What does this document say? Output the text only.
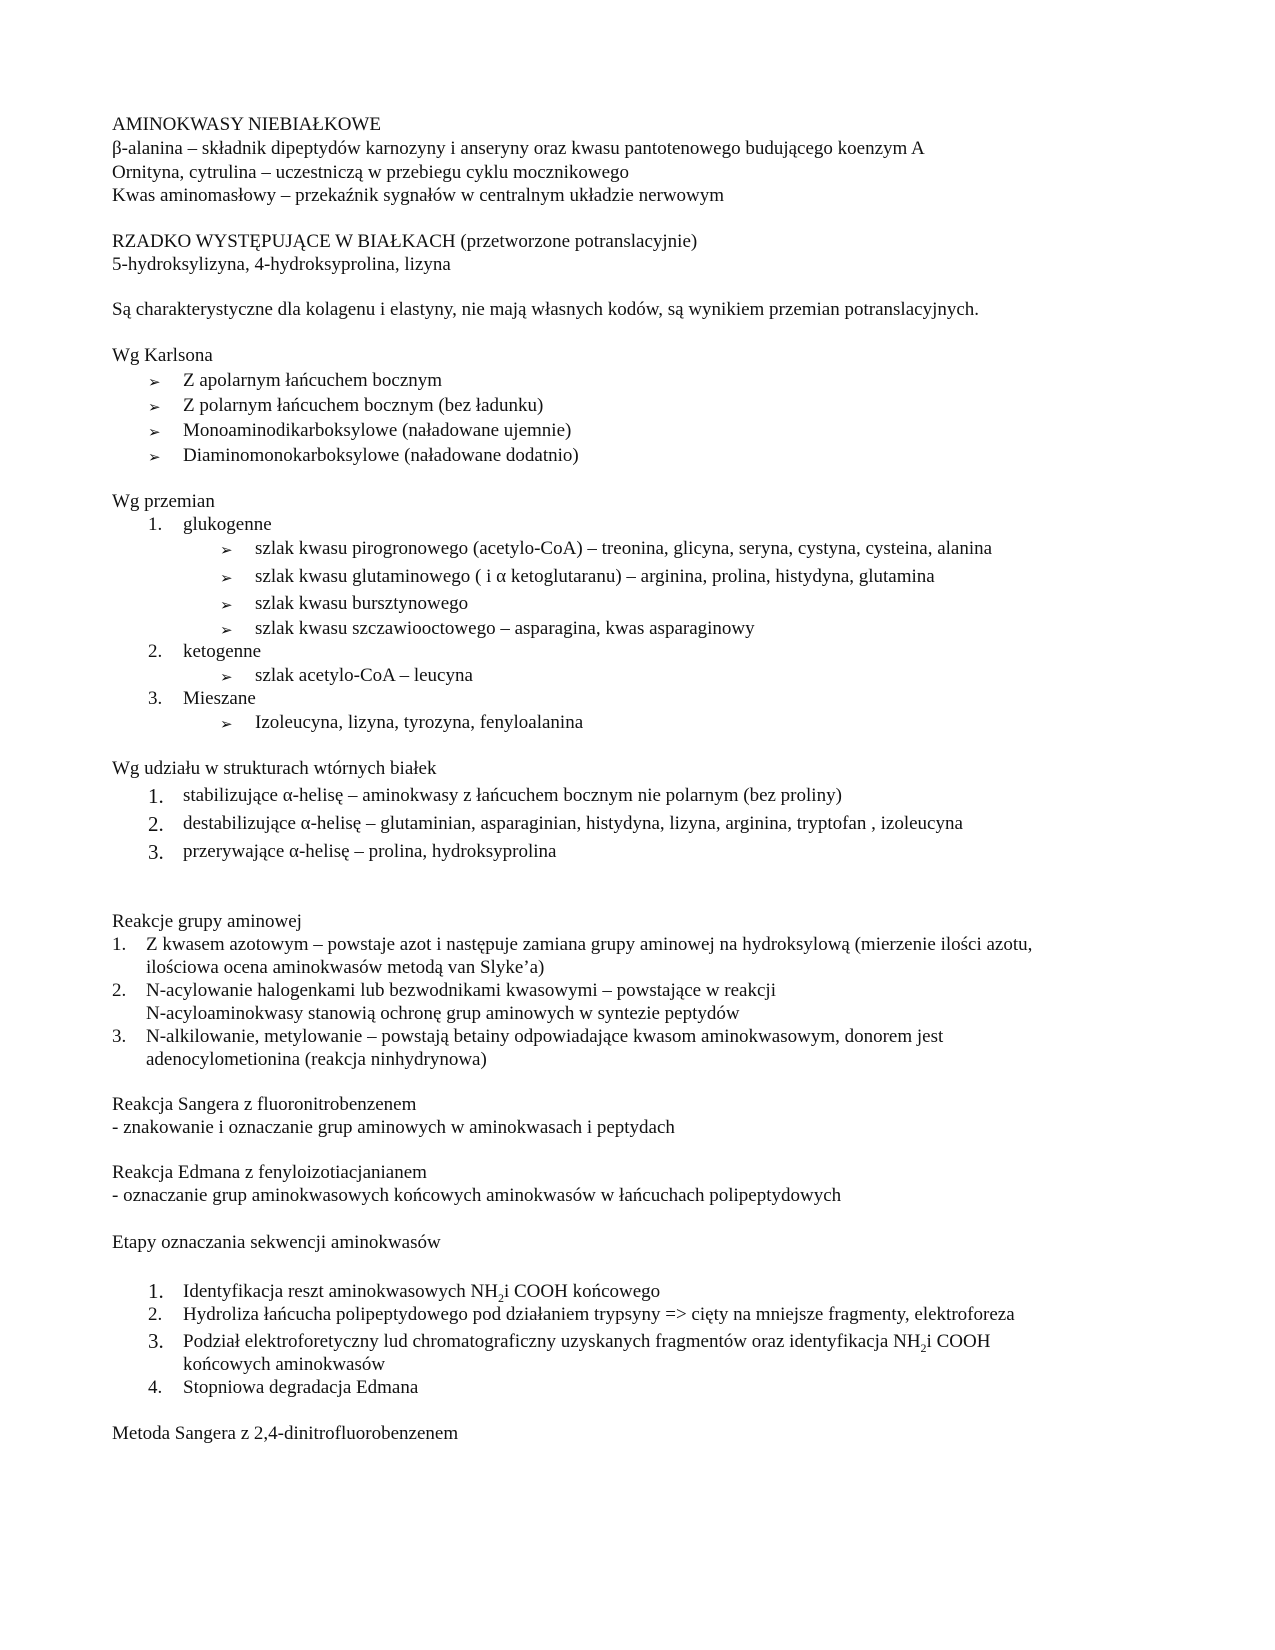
AMINOKWASY NIEBIAŁKOWE
β-alanina – składnik dipeptydów karnozyny i anseryny oraz kwasu pantotenowego budującego koenzym A
Ornityna, cytrulina – uczestniczą w przebiegu cyklu mocznikowego
Kwas aminomasłowy – przekaźnik sygnałów w centralnym układzie nerwowym
RZADKO WYSTĘPUJĄCE W BIAŁKACH (przetworzone potranslacyjnie)
5-hydroksylizyna, 4-hydroksyprolina, lizyna
Są charakterystyczne dla kolagenu i elastyny, nie mają własnych kodów, są wynikiem przemian potranslacyjnych.
Wg Karlsona
➢ Z apolarnym łańcuchem bocznym
➢ Z polarnym łańcuchem bocznym (bez ładunku)
➢ Monoaminodikarboksylowe (naładowane ujemnie)
➢ Diaminomonokarboksylowe (naładowane dodatnio)
Wg przemian
1. glukogenne
➢ szlak kwasu pirogronowego (acetylo-CoA) – treonina, glicyna, seryna, cystyna, cysteina, alanina
➢ szlak kwasu glutaminowego ( i α ketoglutaranu) – arginina, prolina, histydyna, glutamina
➢ szlak kwasu bursztynowego
➢ szlak kwasu szczawiooctowego – asparagina, kwas asparaginowy
2. ketogenne
➢ szlak acetylo-CoA – leucyna
3. Mieszane
➢ Izoleucyna, lizyna, tyrozyna, fenyloalanina
Wg udziału w strukturach wtórnych białek
1. stabilizujące α-helisę – aminokwasy z łańcuchem bocznym nie polarnym (bez proliny)
2. destabilizujące α-helisę – glutaminian, asparaginian, histydyna, lizyna, arginina, tryptofan , izoleucyna
3. przerywające α-helisę – prolina, hydroksyprolina
Reakcje grupy aminowej
1. Z kwasem azotowym – powstaje azot i następuje zamiana grupy aminowej na hydroksylową (mierzenie ilości azotu,
ilościowa ocena aminokwasów metodą van Slyke’a)
2. N-acylowanie halogenkami lub bezwodnikami kwasowymi – powstające w reakcji
N-acyloaminokwasy stanowią ochronę grup aminowych w syntezie peptydów
3. N-alkilowanie, metylowanie – powstają betainy odpowiadające kwasom aminokwasowym, donorem jest
adenocylometionina (reakcja ninhydrynowa)
Reakcja Sangera z fluoronitrobenzenem
- znakowanie i oznaczanie grup aminowych w aminokwasach i peptydach
Reakcja Edmana z fenyloizotiacjanianem
- oznaczanie grup aminokwasowych końcowych aminokwasów w łańcuchach polipeptydowych
Etapy oznaczania sekwencji aminokwasów
1. Identyfikacja reszt aminokwasowych $NH_2i$ COOH końcowego
2. Hydroliza łańcucha polipeptydowego pod działaniem trypsyny => cięty na mniejsze fragmenty, elektroforeza
3. Podział elektroforetyczny lud chromatograficzny uzyskanych fragmentów oraz identyfikacja $NH_2i$ COOH
końcowych aminokwasów
4. Stopniowa degradacja Edmana
Metoda Sangera z 2,4-dinitrofluorobenzenem
